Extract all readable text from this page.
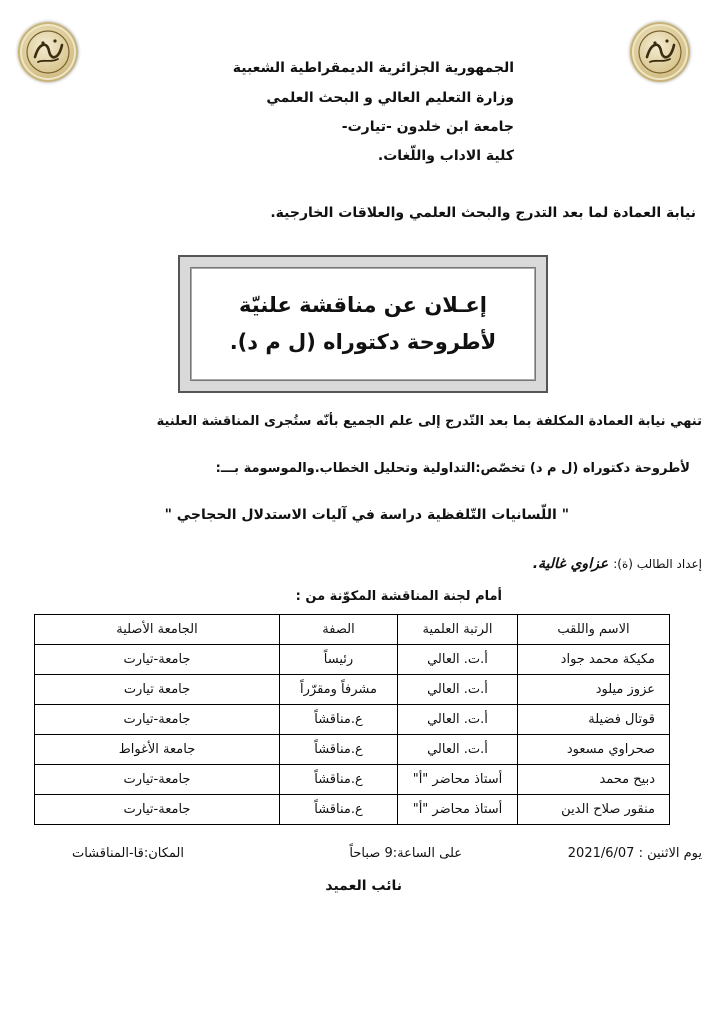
الجمهورية الجزائرية الديمقراطية الشعبية
وزارة التعليم العالي و البحث العلمي
جامعة ابن خلدون -تيارت-
كلية الاداب واللّغات.
نيابة العمادة لما بعد التدرج والبحث العلمي والعلاقات الخارجية.
إعـلان عن مناقشة علنيّة
لأطروحة دكتوراه (ل م د).
تنهي نيابة العمادة المكلفة بما بعد التّدرج إلى علم الجميع بأنّه ستُجرى المناقشة العلنية
لأطروحة دكتوراه (ل م د) تخصّص:التداولية وتحليل الخطاب.والموسومة بـــ:
" اللّسانيات التّلفظية دراسة في آليات الاستدلال الحجاجي "
إعداد الطالب (ة): عزاوي غالية.
أمام لجنة المناقشة المكوّنة من :
الاسم واللقب	الرتبة العلمية	الصفة	الجامعة الأصلية
مكيكة محمد جواد	أ.ت. العالي	رئيساً	جامعة-تيارت
عزوز ميلود	أ.ت. العالي	مشرفاً ومقرّراً	جامعة تيارت
قوتال فضيلة	أ.ت. العالي	ع.مناقشاً	جامعة-تيارت
صحراوي مسعود	أ.ت. العالي	ع.مناقشاً	جامعة الأغواط
دبيح محمد	أستاذ محاضر "أ"	ع.مناقشاً	جامعة-تيارت
منقور صلاح الدين	أستاذ محاضر "أ"	ع.مناقشاً	جامعة-تيارت
يوم الاثنين : 2021/6/07
على الساعة:9 صباحاً
المكان:قا-المناقشات
نائب العميد
